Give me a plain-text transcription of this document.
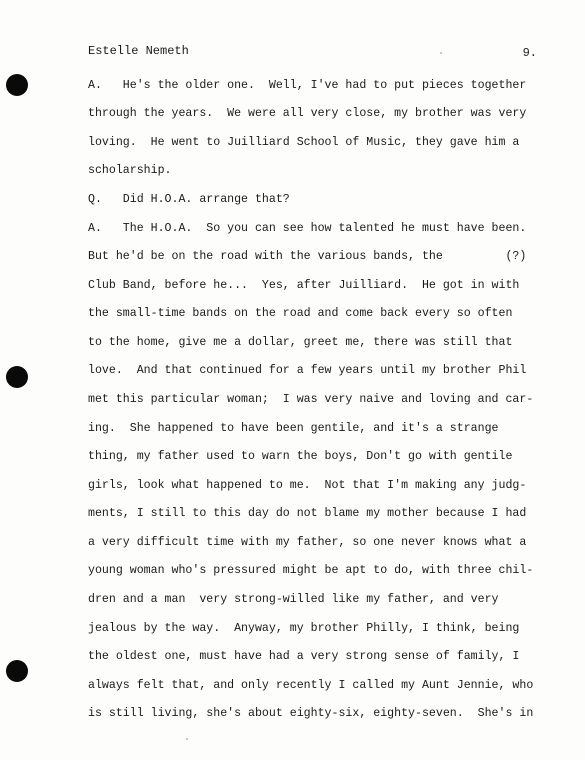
Estelle Nemeth	9.
A.   He's the older one.  Well, I've had to put pieces together
through the years.  We were all very close, my brother was very
loving.  He went to Juilliard School of Music, they gave him a
scholarship.
Q.   Did H.O.A. arrange that?
A.   The H.O.A.  So you can see how talented he must have been.
But he'd be on the road with the various bands, the         (?)
Club Band, before he...  Yes, after Juilliard.  He got in with
the small-time bands on the road and come back every so often
to the home, give me a dollar, greet me, there was still that
love.  And that continued for a few years until my brother Phil
met this particular woman;  I was very naive and loving and car-
ing.  She happened to have been gentile, and it's a strange
thing, my father used to warn the boys, Don't go with gentile
girls, look what happened to me.  Not that I'm making any judg-
ments, I still to this day do not blame my mother because I had
a very difficult time with my father, so one never knows what a
young woman who's pressured might be apt to do, with three chil-
dren and a man  very strong-willed like my father, and very
jealous by the way.  Anyway, my brother Philly, I think, being
the oldest one, must have had a very strong sense of family, I
always felt that, and only recently I called my Aunt Jennie, who
is still living, she's about eighty-six, eighty-seven.  She's in
